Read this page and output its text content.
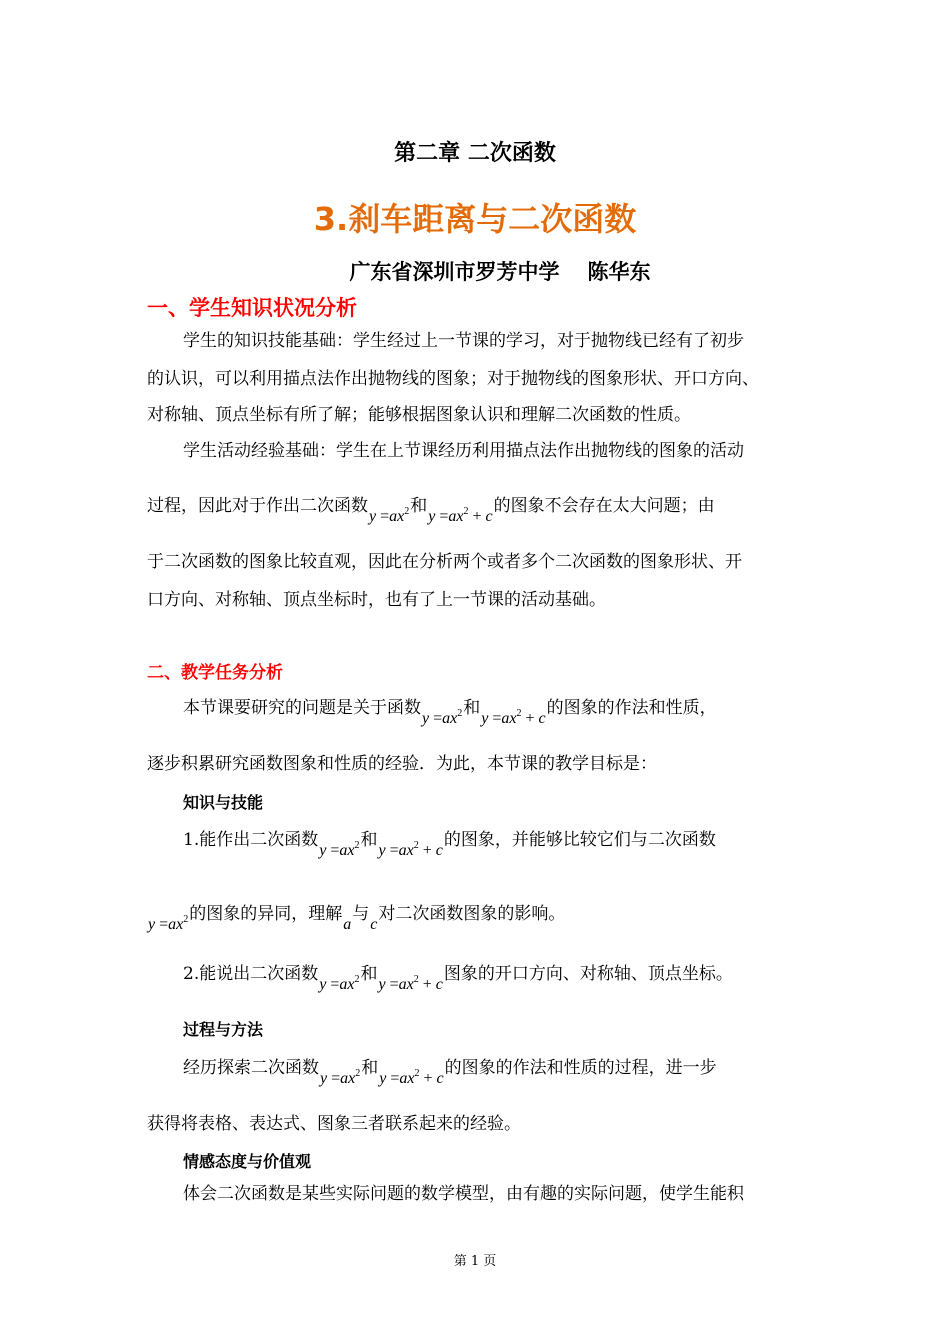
第二章 二次函数
3.刹车距离与二次函数
广东省深圳市罗芳中学 陈华东
一、学生知识状况分析
学生的知识技能基础：学生经过上一节课的学习，对于抛物线已经有了初步
的认识，可以利用描点法作出抛物线的图象；对于抛物线的图象形状、开口方向、
对称轴、顶点坐标有所了解；能够根据图象认识和理解二次函数的性质。
学生活动经验基础：学生在上节课经历利用描点法作出抛物线的图象的活动
过程，因此对于作出二次函数$y =ax^2$和$y =ax^2 + c$的图象不会存在太大问题；由
于二次函数的图象比较直观，因此在分析两个或者多个二次函数的图象形状、开
口方向、对称轴、顶点坐标时，也有了上一节课的活动基础。
二、教学任务分析
本节课要研究的问题是关于函数$y =ax^2$和$y =ax^2 + c$的图象的作法和性质，
逐步积累研究函数图象和性质的经验．为此，本节课的教学目标是：
知识与技能
1.能作出二次函数$y =ax^2$和$y =ax^2 + c$的图象，并能够比较它们与二次函数
$y =ax^2$的图象的异同，理解a与c对二次函数图象的影响。
2.能说出二次函数$y =ax^2$和$y =ax^2 + c$图象的开口方向、对称轴、顶点坐标。
过程与方法
经历探索二次函数$y =ax^2$和$y =ax^2 + c$的图象的作法和性质的过程，进一步
获得将表格、表达式、图象三者联系起来的经验。
情感态度与价值观
体会二次函数是某些实际问题的数学模型，由有趣的实际问题，使学生能积
第 1 页
